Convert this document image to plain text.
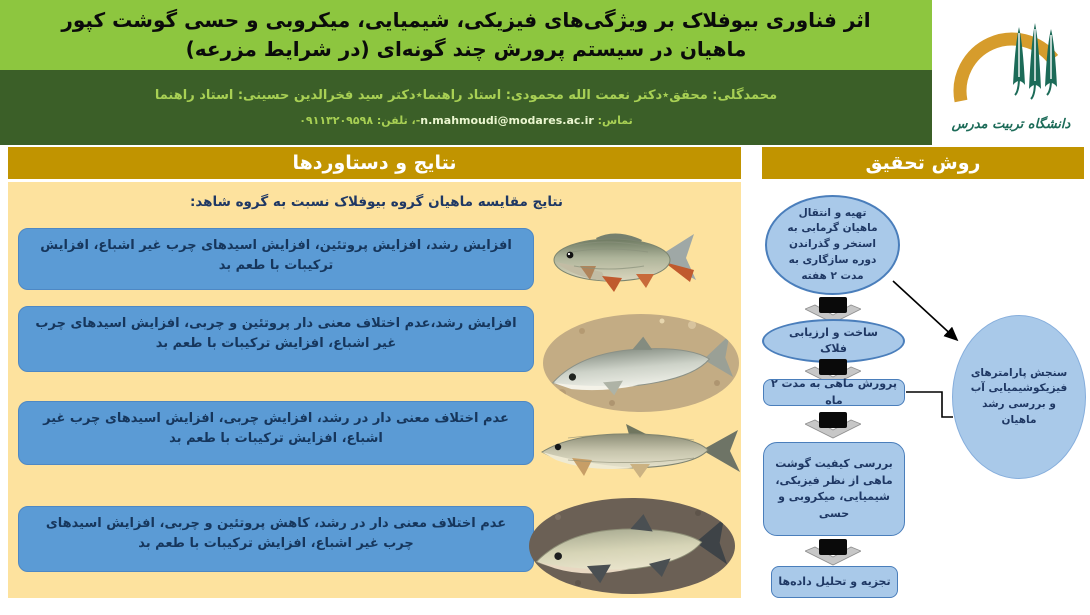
اثر فناوری بیوفلاک بر ویژگی‌های فیزیکی، شیمیایی، میکروبی و حسی گوشت کپور ماهیان در سیستم پرورش چند گونه‌ای (در شرایط مزرعه)
محمدگلی: محقق٭دکتر نعمت الله محمودی: استاد راهنما٭دکتر سید فخرالدین حسینی: استاد راهنما
تماس: n.mahmoudi@modares.ac.ir-، تلفن: ۰۹۱۱۳۲۰۹۵۹۸	دانشگاه تربیت مدرس
نتایج و دستاوردها
نتایج مقایسه ماهیان گروه بیوفلاک نسبت به گروه شاهد:
افزایش رشد، افزایش پروتئین، افزایش اسیدهای چرب غیر اشباع، افزایش ترکیبات با طعم بد
افزایش رشد،عدم اختلاف معنی دار پروتئین و چربی، افزایش اسیدهای چرب غیر اشباع، افزایش ترکیبات با طعم بد
عدم اختلاف معنی دار در رشد، افزایش چربی، افزایش اسیدهای چرب غیر اشباع، افزایش ترکیبات با طعم بد
عدم اختلاف معنی دار در رشد، کاهش پروتئین و چربی، افزایش اسیدهای چرب غیر اشباع، افزایش ترکیبات با طعم بد
روش تحقیق
تهیه و انتقال ماهیان گرمابی به استخر و گذراندن دوره سازگاری به مدت ۲ هفته
ساخت و ارزیابی فلاک
پرورش ماهی به مدت ۲ ماه
بررسی کیفیت گوشت ماهی از نظر فیزیکی، شیمیایی، میکروبی و حسی
تجزیه و تحلیل داده‌ها
سنجش پارامترهای فیزیکوشیمیایی آب و بررسی رشد ماهیان
